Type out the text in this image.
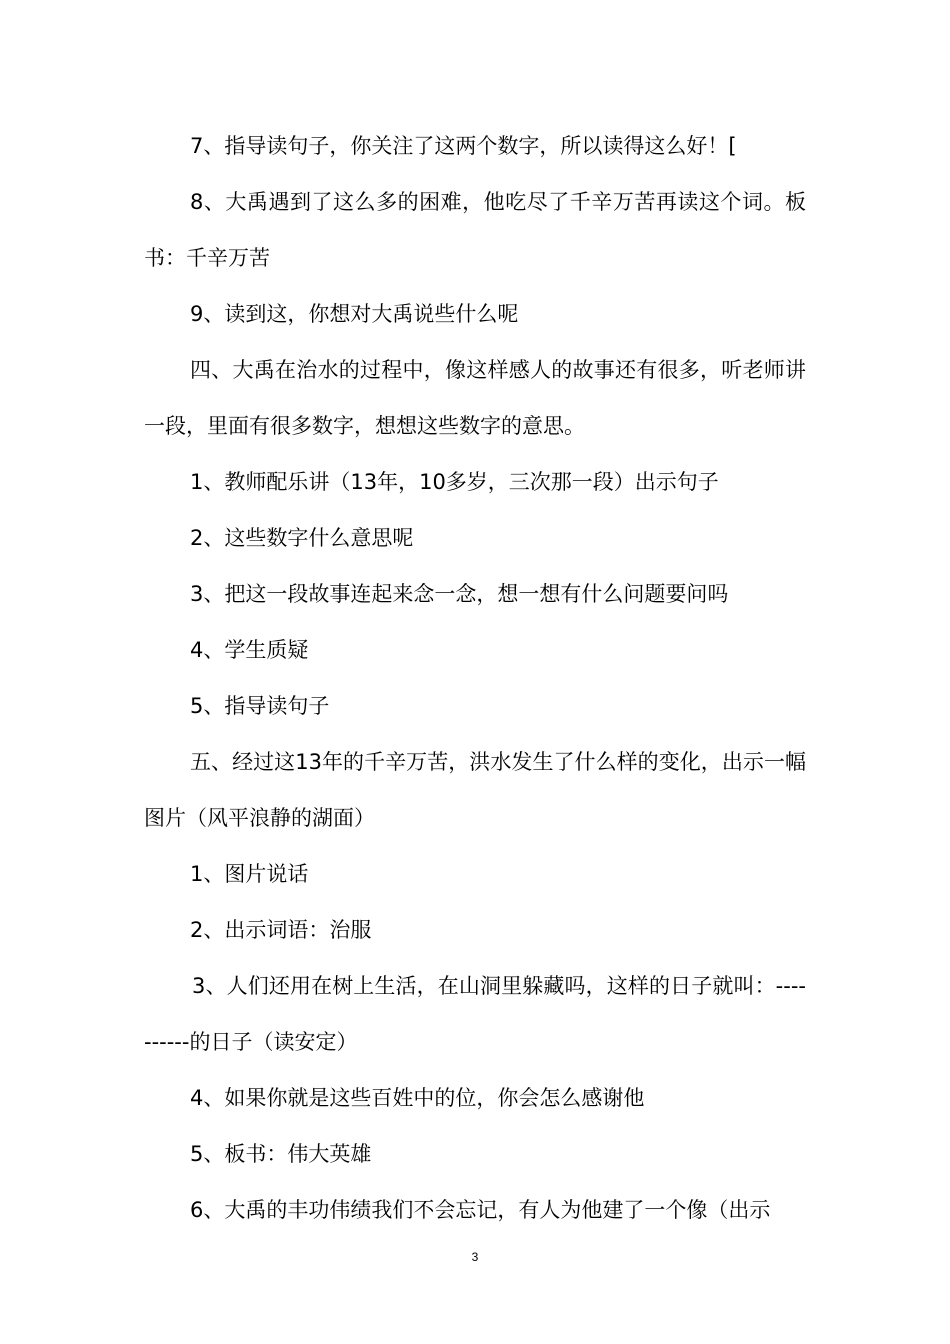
7、指导读句子，你关注了这两个数字，所以读得这么好！[

8、大禹遇到了这么多的困难，他吃尽了千辛万苦再读这个词。板书：千辛万苦

9、读到这，你想对大禹说些什么呢

四、大禹在治水的过程中，像这样感人的故事还有很多，听老师讲一段，里面有很多数字，想想这些数字的意思。

1、教师配乐讲（13年，10多岁，三次那一段）出示句子

2、这些数字什么意思呢

3、把这一段故事连起来念一念，想一想有什么问题要问吗

4、学生质疑

5、指导读句子

五、经过这13年的千辛万苦，洪水发生了什么样的变化，出示一幅图片（风平浪静的湖面）

1、图片说话

2、出示词语：治服

3、人们还用在树上生活，在山洞里躲藏吗，这样的日子就叫：----------的日子（读安定）

4、如果你就是这些百姓中的位，你会怎么感谢他

5、板书：伟大英雄

6、大禹的丰功伟绩我们不会忘记，有人为他建了一个像（出示

3
